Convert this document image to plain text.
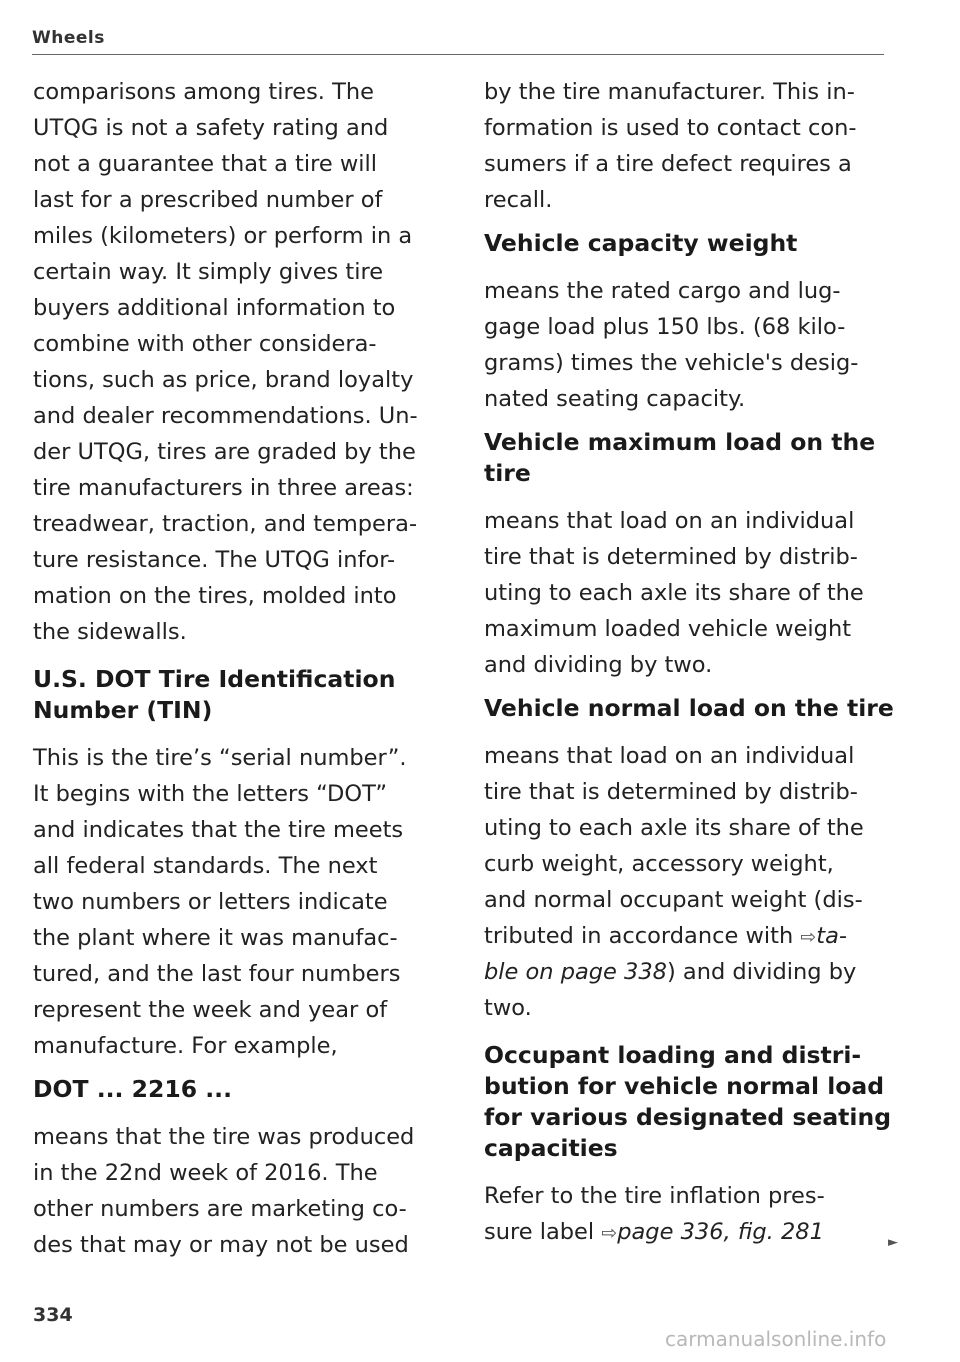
Wheels
comparisons among tires. The
UTQG is not a safety rating and
not a guarantee that a tire will
last for a prescribed number of
miles (kilometers) or perform in a
certain way. It simply gives tire
buyers additional information to
combine with other considera-
tions, such as price, brand loyalty
and dealer recommendations. Un-
der UTQG, tires are graded by the
tire manufacturers in three areas:
treadwear, traction, and tempera-
ture resistance. The UTQG infor-
mation on the tires, molded into
the sidewalls.
U.S. DOT Tire Identification
Number (TIN)
This is the tire’s “serial number”.
It begins with the letters “DOT”
and indicates that the tire meets
all federal standards. The next
two numbers or letters indicate
the plant where it was manufac-
tured, and the last four numbers
represent the week and year of
manufacture. For example,
DOT ... 2216 ...
means that the tire was produced
in the 22nd week of 2016. The
other numbers are marketing co-
des that may or may not be used
by the tire manufacturer. This in-
formation is used to contact con-
sumers if a tire defect requires a
recall.
Vehicle capacity weight
means the rated cargo and lug-
gage load plus 150 lbs. (68 kilo-
grams) times the vehicle's desig-
nated seating capacity.
Vehicle maximum load on the
tire
means that load on an individual
tire that is determined by distrib-
uting to each axle its share of the
maximum loaded vehicle weight
and dividing by two.
Vehicle normal load on the tire
means that load on an individual
tire that is determined by distrib-
uting to each axle its share of the
curb weight, accessory weight,
and normal occupant weight (dis-
tributed in accordance with ⇨ta-
ble on page 338) and dividing by
two.
Occupant loading and distri-
bution for vehicle normal load
for various designated seating
capacities
Refer to the tire inflation pres-
sure label ⇨page 336, fig. 281	►
334
carmanualsonline.info
